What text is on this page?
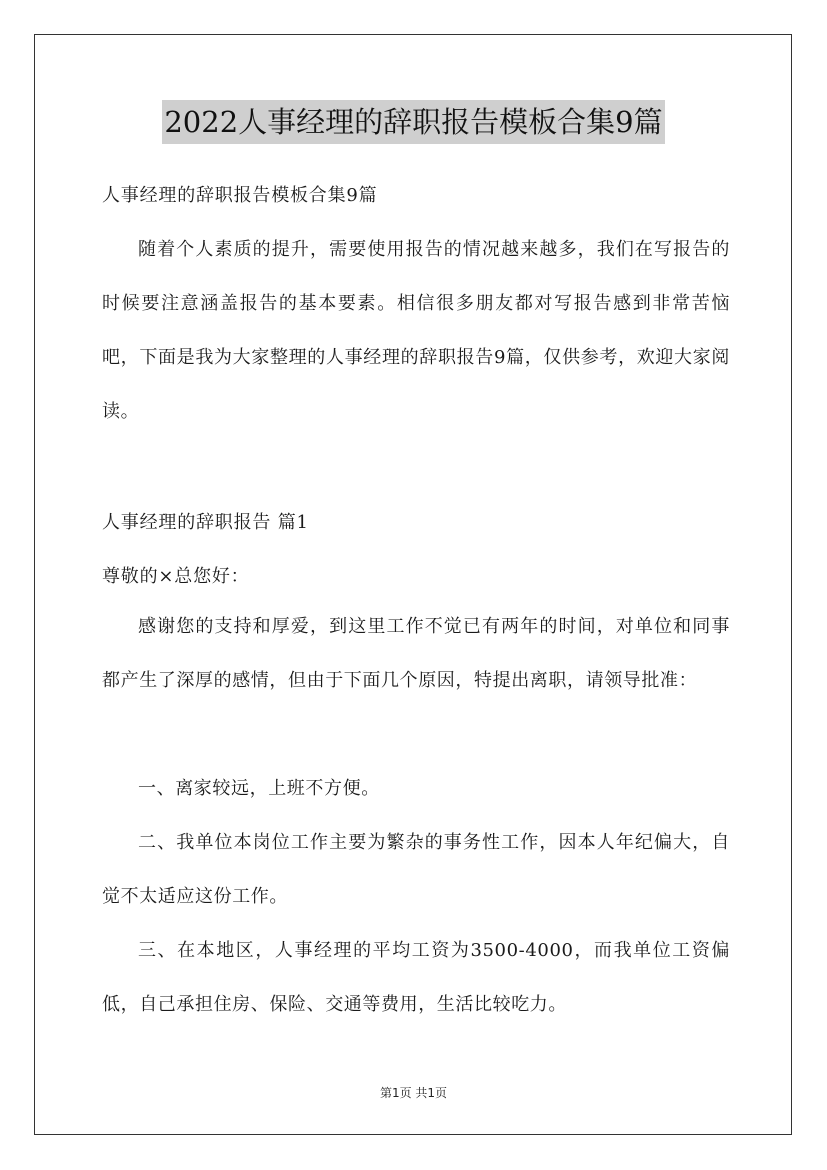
2022人事经理的辞职报告模板合集9篇
人事经理的辞职报告模板合集9篇
随着个人素质的提升，需要使用报告的情况越来越多，我们在写报告的时候要注意涵盖报告的基本要素。相信很多朋友都对写报告感到非常苦恼吧，下面是我为大家整理的人事经理的辞职报告9篇，仅供参考，欢迎大家阅读。
人事经理的辞职报告 篇1
尊敬的×总您好：
感谢您的支持和厚爱，到这里工作不觉已有两年的时间，对单位和同事都产生了深厚的感情，但由于下面几个原因，特提出离职，请领导批准：
一、离家较远，上班不方便。
二、我单位本岗位工作主要为繁杂的事务性工作，因本人年纪偏大，自觉不太适应这份工作。
三、在本地区，人事经理的平均工资为3500-4000，而我单位工资偏低，自己承担住房、保险、交通等费用，生活比较吃力。
第1页 共1页
